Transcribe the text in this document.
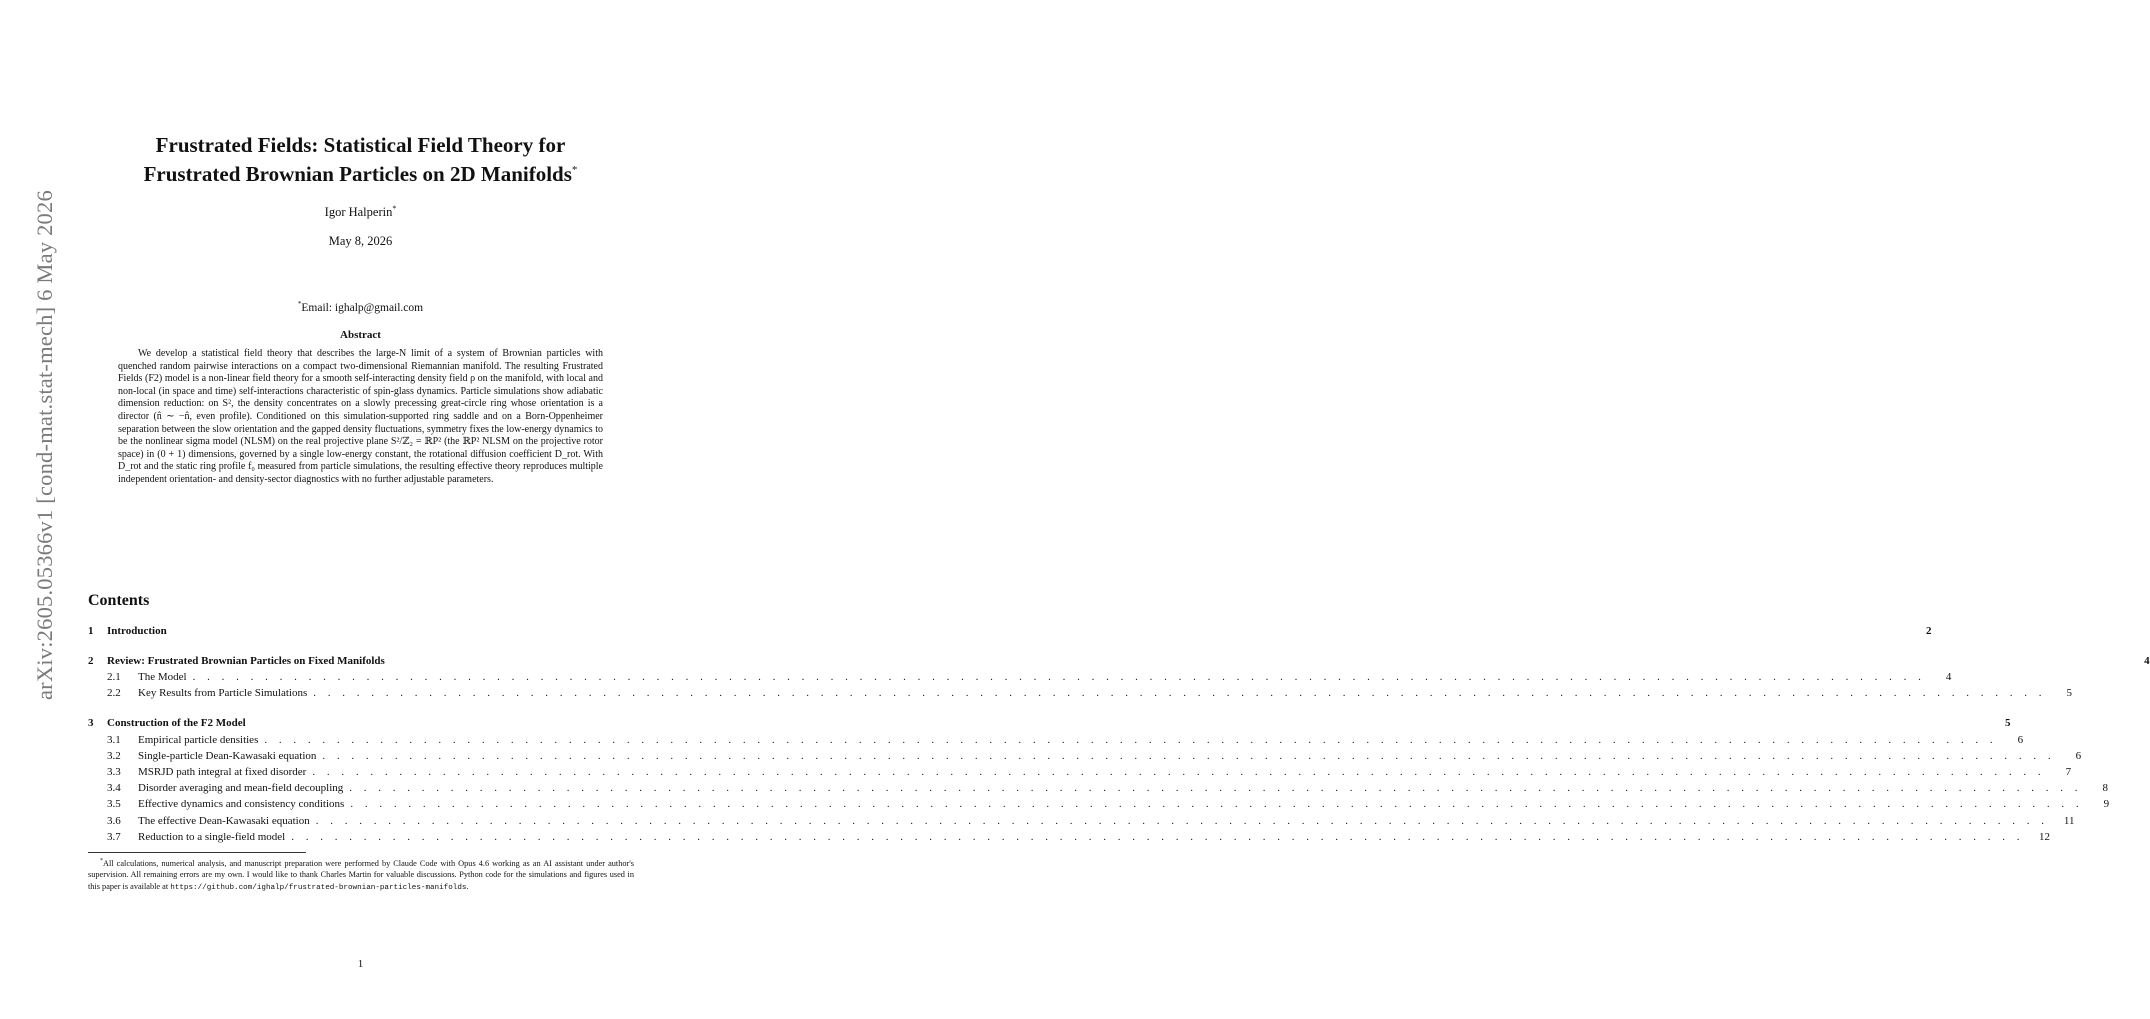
arXiv:2605.05366v1 [cond-mat.stat-mech] 6 May 2026
Frustrated Fields: Statistical Field Theory for
Frustrated Brownian Particles on 2D Manifolds*
Igor Halperin*
May 8, 2026
*Email: ighalp@gmail.com
Abstract
We develop a statistical field theory that describes the large-N limit of a system of Brownian particles with quenched random pairwise interactions on a compact two-dimensional Riemannian manifold. The resulting Frustrated Fields (F2) model is a non-linear field theory for a smooth self-interacting density field ρ on the manifold, with local and non-local (in space and time) self-interactions characteristic of spin-glass dynamics. Particle simulations show adiabatic dimension reduction: on S², the density concentrates on a slowly precessing great-circle ring whose orientation is a director (n̂ ∼ −n̂, even profile). Conditioned on this simulation-supported ring saddle and on a Born-Oppenheimer separation between the slow orientation and the gapped density fluctuations, symmetry fixes the low-energy dynamics to be the nonlinear sigma model (NLSM) on the real projective plane S²/ℤ₂ = ℝP² (the ℝP² NLSM on the projective rotor space) in (0 + 1) dimensions, governed by a single low-energy constant, the rotational diffusion coefficient D_rot. With D_rot and the static ring profile f₀ measured from particle simulations, the resulting effective theory reproduces multiple independent orientation- and density-sector diagnostics with no further adjustable parameters.
Contents
1	Introduction	2
2	Review: Frustrated Brownian Particles on Fixed Manifolds	4
2.1	The Model . . . . . . . . . . . . . . . . . . . . . . . . . . . . . . . . . . . . . . . . . . . . . . . . . . . . . . . . . . . . . . . . . . . . . . . . . . . . . . . . . . . . . . . . . . . . . . . . . . . . . . . . . . . . . . . . . . . . . . . .	4
2.2	Key Results from Particle Simulations . . . . . . . . . . . . . . . . . . . . . . . . . . . . . . . . . . . . . . . . . . . . . . . . . . . . . . . . . . . . . . . . . . . . . . . . . . . . . . . . . . . . . . . . . . . . . . . . . . . . . . . . . . . . . . . . . . . . . . . .	5
3	Construction of the F2 Model	5
3.1	Empirical particle densities . . . . . . . . . . . . . . . . . . . . . . . . . . . . . . . . . . . . . . . . . . . . . . . . . . . . . . . . . . . . . . . . . . . . . . . . . . . . . . . . . . . . . . . . . . . . . . . . . . . . . . . . . . . . . . . . . . . . . . . .	6
3.2	Single-particle Dean-Kawasaki equation . . . . . . . . . . . . . . . . . . . . . . . . . . . . . . . . . . . . . . . . . . . . . . . . . . . . . . . . . . . . . . . . . . . . . . . . . . . . . . . . . . . . . . . . . . . . . . . . . . . . . . . . . . . . . . . . . . . . . . . .	6
3.3	MSRJD path integral at fixed disorder . . . . . . . . . . . . . . . . . . . . . . . . . . . . . . . . . . . . . . . . . . . . . . . . . . . . . . . . . . . . . . . . . . . . . . . . . . . . . . . . . . . . . . . . . . . . . . . . . . . . . . . . . . . . . . . . . . . . . . . .	7
3.4	Disorder averaging and mean-field decoupling . . . . . . . . . . . . . . . . . . . . . . . . . . . . . . . . . . . . . . . . . . . . . . . . . . . . . . . . . . . . . . . . . . . . . . . . . . . . . . . . . . . . . . . . . . . . . . . . . . . . . . . . . . . . . . . . . . . . . . . .	8
3.5	Effective dynamics and consistency conditions . . . . . . . . . . . . . . . . . . . . . . . . . . . . . . . . . . . . . . . . . . . . . . . . . . . . . . . . . . . . . . . . . . . . . . . . . . . . . . . . . . . . . . . . . . . . . . . . . . . . . . . . . . . . . . . . . . . . . . . .	9
3.6	The effective Dean-Kawasaki equation . . . . . . . . . . . . . . . . . . . . . . . . . . . . . . . . . . . . . . . . . . . . . . . . . . . . . . . . . . . . . . . . . . . . . . . . . . . . . . . . . . . . . . . . . . . . . . . . . . . . . . . . . . . . . . . . . . . . . . . .	11
3.7	Reduction to a single-field model . . . . . . . . . . . . . . . . . . . . . . . . . . . . . . . . . . . . . . . . . . . . . . . . . . . . . . . . . . . . . . . . . . . . . . . . . . . . . . . . . . . . . . . . . . . . . . . . . . . . . . . . . . . . . . . . . . . . . . . .	12
*All calculations, numerical analysis, and manuscript preparation were performed by Claude Code with Opus 4.6 working as an AI assistant under author's supervision. All remaining errors are my own. I would like to thank Charles Martin for valuable discussions. Python code for the simulations and figures used in this paper is available at https://github.com/ighalp/frustrated-brownian-particles-manifolds.
1
